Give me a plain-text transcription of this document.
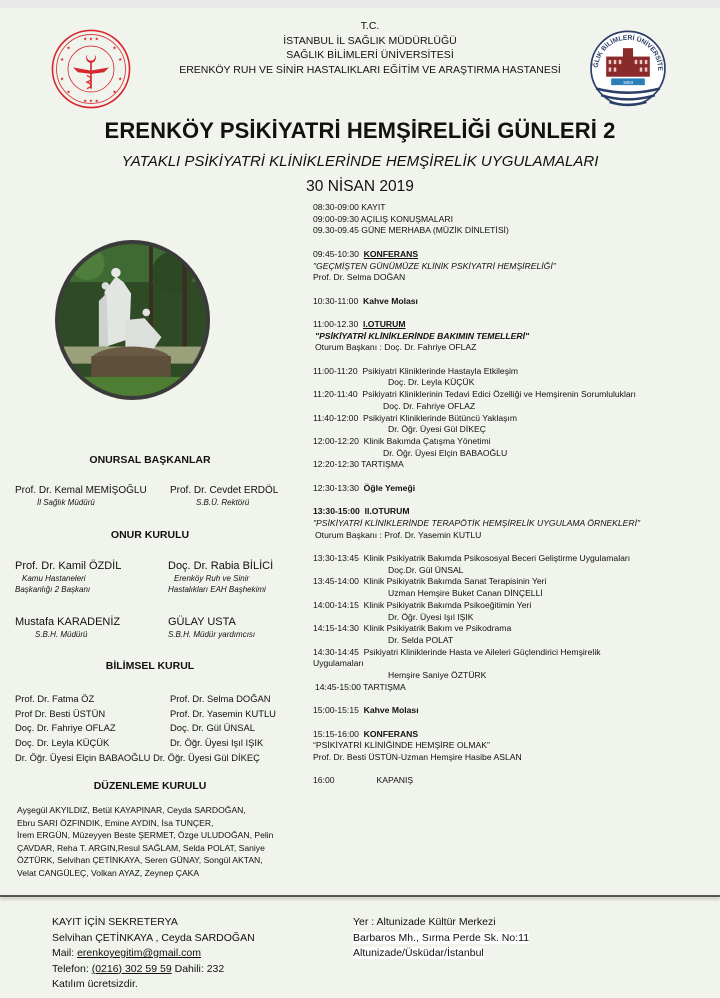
★ ★ ★
★ ★ ★
★
★
★
★
★	★
★	★
T.C.
İSTANBUL İL SAĞLIK MÜDÜRLÜĞÜ
SAĞLIK BİLİMLERİ ÜNİVERSİTESİ
ERENKÖY RUH VE SİNİR HASTALIKLARI EĞİTİM VE ARAŞTIRMA HASTANESİ
1903
ĞLIK BİLİMLERİ ÜNİVERSİTE
ERENKÖY PSİKİYATRİ HEMŞİRELİĞİ GÜNLERİ 2
YATAKLI PSİKİYATRİ KLİNİKLERİNDE HEMŞİRELİK UYGULAMALARI
30 NİSAN 2019
08:30-09:00 KAYIT
09:00-09:30 AÇILIŞ KONUŞMALARI
09.30-09.45 GÜNE MERHABA (MÜZİK DİNLETİSİ)
09:45-10:30 KONFERANS
"GEÇMİŞTEN GÜNÜMÜZE KLİNİK PSKİYATRİ HEMŞİRELİĞİ"
Prof. Dr. Selma DOĞAN
10:30-11:00 Kahve Molası
11:00-12.30 I.OTURUM
"PSİKİYATRİ KLİNİKLERİNDE BAKIMIN TEMELLERİ"
Oturum Başkanı : Doç. Dr. Fahriye OFLAZ
11:00-11:20 Psikiyatri Kliniklerinde Hastayla Etkileşim
Doç. Dr. Leyla KÜÇÜK
11:20-11:40 Psikiyatri Kliniklerinin Tedavi Edici Özelliği ve Hemşirenin Sorumlulukları
Doç. Dr. Fahriye OFLAZ
11:40-12:00 Psikiyatri Kliniklerinde Bütüncü Yaklaşım
Dr. Öğr. Üyesi Gül DİKEÇ
12:00-12:20 Klinik Bakımda Çatışma Yönetimi
Dr. Öğr. Üyesi Elçin BABAOĞLU
12:20-12:30 TARTIŞMA
12:30-13:30 Öğle Yemeği
13:30-15:00 II.OTURUM
"PSİKİYATRİ KLİNİKLERİNDE TERAPÖTİK HEMŞİRELİK UYGULAMA ÖRNEKLERİ"
Oturum Başkanı : Prof. Dr. Yasemin KUTLU
13:30-13:45 Klinik Psikiyatrik Bakımda Psikososyal Beceri Geliştirme Uygulamaları
Doç.Dr. Gül ÜNSAL
13:45-14:00 Klinik Psikiyatrik Bakımda Sanat Terapisinin Yeri
Uzman Hemşire Buket Canan DİNÇELLİ
14:00-14:15 Klinik Psikiyatrik Bakımda Psikoeğitimin Yeri
Dr. Öğr. Üyesi Işıl IŞIK
14:15-14:30 Klinik Psikiyatrik Bakım ve Psikodrama
Dr. Selda POLAT
14:30-14:45 Psikiyatri Kliniklerinde Hasta ve Aileleri Güçlendirici Hemşirelik
Uygulamaları
Hemşire Saniye ÖZTÜRK
14:45-15:00 TARTIŞMA
15:00-15:15 Kahve Molası
15:15-16:00 KONFERANS
“PSİKİYATRİ KLİNİĞİNDE HEMŞİRE OLMAK”
Prof. Dr. Besti ÜSTÜN-Uzman Hemşire Hasibe ASLAN
16:00	KAPANIŞ
ONURSAL BAŞKANLAR
Prof. Dr. Kemal MEMİŞOĞLU
İl Sağlık Müdürü
Prof. Dr. Cevdet ERDÖL
S.B.Ü. Rektörü
ONUR KURULU
Prof. Dr. Kamil ÖZDİL
Kamu Hastaneleri
Başkanlığı 2 Başkanı
Doç. Dr. Rabia BİLİCİ
Erenköy Ruh ve Sinir
Hastalıkları EAH Başhekimi
Mustafa KARADENİZ
S.B.H. Müdürü
GÜLAY USTA
S.B.H. Müdür yardımcısı
BİLİMSEL KURUL
Prof. Dr. Fatma ÖZ	Prof. Dr. Selma DOĞAN
Prof Dr. Besti ÜSTÜN	Prof. Dr. Yasemin KUTLU
Doç. Dr. Fahriye OFLAZ	Doç. Dr. Gül ÜNSAL
Doç. Dr. Leyla KÜÇÜK	Dr. Öğr. Üyesi Işıl IŞIK
Dr. Öğr. Üyesi Elçin BABAOĞLU Dr. Öğr. Üyesi Gül DİKEÇ
DÜZENLEME KURULU
Ayşegül AKYILDIZ, Betül KAYAPINAR, Ceyda SARDOĞAN,
Ebru SARI ÖZFINDIK, Emine AYDIN, İsa TUNÇER,
İrem ERGÜN, Müzeyyen Beste ŞERMET, Özge ULUDOĞAN, Pelin
ÇAVDAR, Reha T. ARGIN,Resul SAĞLAM, Selda POLAT, Saniye
ÖZTÜRK, Selvihan ÇETİNKAYA, Seren GÜNAY, Songül AKTAN,
Velat CANGÜLEÇ, Volkan AYAZ, Zeynep ÇAKA
KAYIT İÇİN SEKRETERYA
Selvihan ÇETİNKAYA , Ceyda SARDOĞAN
Mail: erenkoyegitim@gmail.com
Telefon: (0216) 302 59 59 Dahili: 232
Katılım ücretsizdir.
Yer : Altunizade Kültür Merkezi
Barbaros Mh., Sırma Perde Sk. No:11
Altunizade/Üsküdar/İstanbul
